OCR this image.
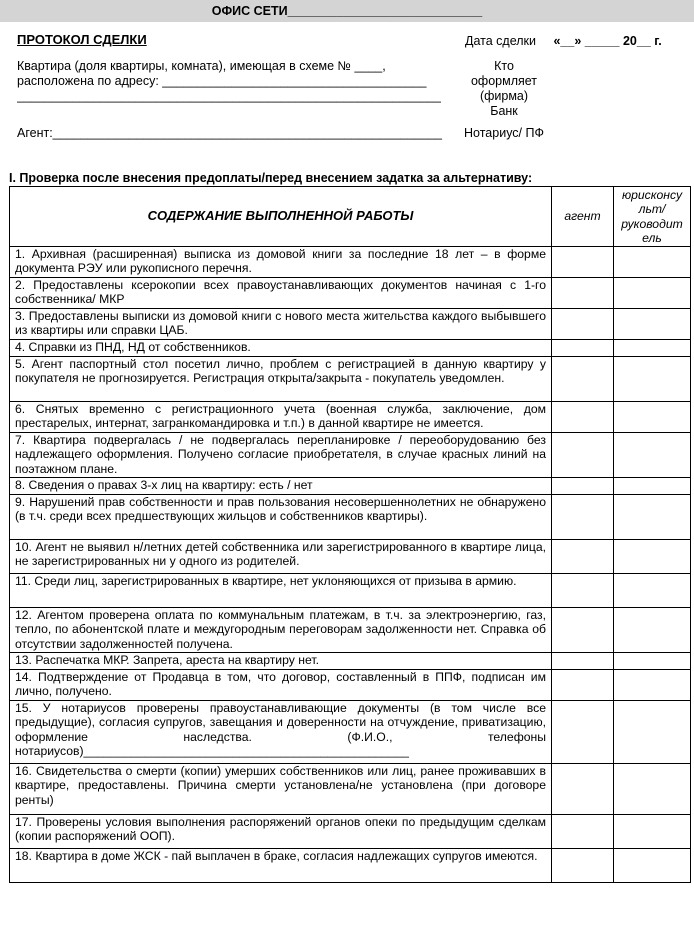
ОФИС СЕТИ____________________________
ПРОТОКОЛ СДЕЛКИ	Дата сделки «__» _____ 20__ г.
Квартира (доля квартиры, комната), имеющая в схеме № ____,
расположена по адресу: ______________________________________
_____________________________________________________________
Агент:________________________________________________________
Кто оформляет (фирма)
Банк
Нотариус/ ПФ
I. Проверка после внесения предоплаты/перед внесением задатка за альтернативу:
СОДЕРЖАНИЕ ВЫПОЛНЕННОЙ РАБОТЫ	агент	юрисконсу льт/ руководит ель
1. Архивная (расширенная) выписка из домовой книги за последние 18 лет – в форме документа РЭУ или рукописного перечня.		
2. Предоставлены ксерокопии всех правоустанавливающих документов начиная с 1-го собственника/ МКР		
3. Предоставлены выписки из домовой книги с нового места жительства каждого выбывшего из квартиры или справки ЦАБ.		
4. Справки из ПНД, НД от собственников.		
5. Агент паспортный стол посетил лично, проблем с регистрацией в данную квартиру у покупателя не прогнозируется. Регистрация открыта/закрыта - покупатель уведомлен.		
6. Снятых временно с регистрационного учета (военная служба, заключение, дом престарелых, интернат, загранкомандировка и т.п.) в данной квартире не имеется.		
7. Квартира подвергалась / не подвергалась перепланировке / переоборудованию без надлежащего оформления. Получено согласие приобретателя, в случае красных линий на поэтажном плане.		
8. Сведения о правах 3-х лиц на квартиру: есть / нет		
9. Нарушений прав собственности и прав пользования несовершеннолетних не обнаружено (в т.ч. среди всех предшествующих жильцов и собственников квартиры).		
10. Агент не выявил н/летних детей собственника или зарегистрированного в квартире лица, не зарегистрированных ни у одного из родителей.		
11. Среди лиц, зарегистрированных в квартире, нет уклоняющихся от призыва в армию.		
12. Агентом проверена оплата по коммунальным платежам, в т.ч. за электроэнергию, газ, тепло, по абонентской плате и междугородным переговорам задолженности нет. Справка об отсутствии задолженностей получена.		
13. Распечатка МКР. Запрета, ареста на квартиру нет.		
14. Подтверждение от Продавца в том, что договор, составленный в ППФ, подписан им лично, получено.		
15. У нотариусов проверены правоустанавливающие документы (в том числе все предыдущие), согласия супругов, завещания и доверенности на отчуждение, приватизацию, оформление наследства. (Ф.И.О., телефоны нотариусов)________________________________________________		
16. Свидетельства о смерти (копии) умерших собственников или лиц, ранее проживавших в квартире, предоставлены. Причина смерти установлена/не установлена (при договоре ренты)		
17. Проверены условия выполнения распоряжений органов опеки по предыдущим сделкам (копии распоряжений ООП).		
18. Квартира в доме ЖСК - пай выплачен в браке, согласия надлежащих супругов имеются.		
